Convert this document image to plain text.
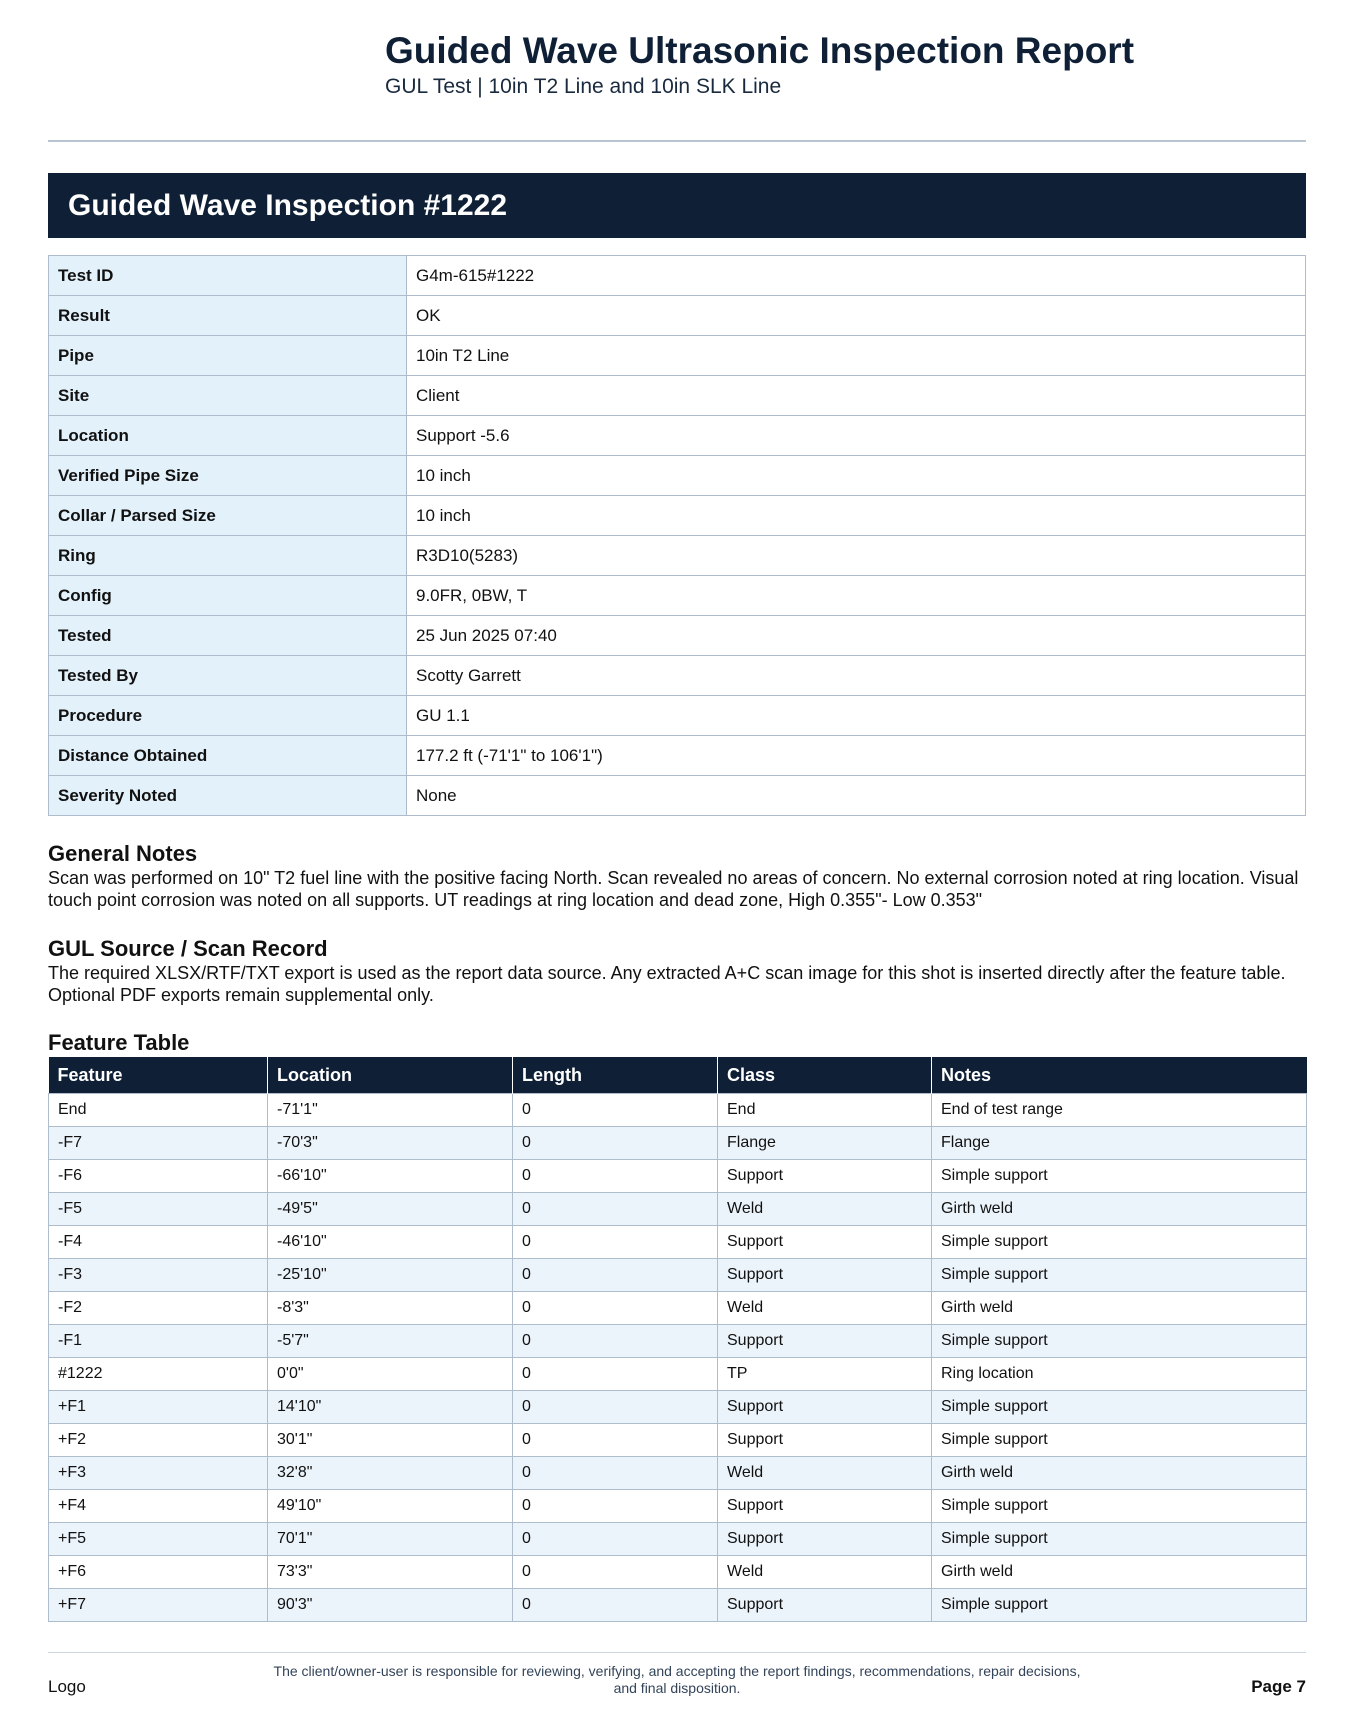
Guided Wave Ultrasonic Inspection Report

GUL Test | 10in T2 Line and 10in SLK Line

Guided Wave Inspection #1222
Test ID	G4m-615#1222
Result	OK
Pipe	10in T2 Line
Site	Client
Location	Support -5.6
Verified Pipe Size	10 inch
Collar / Parsed Size	10 inch
Ring	R3D10(5283)
Config	9.0FR, 0BW, T
Tested	25 Jun 2025 07:40
Tested By	Scotty Garrett
Procedure	GU 1.1
Distance Obtained	177.2 ft (-71'1" to 106'1")
Severity Noted	None
General Notes

Scan was performed on 10" T2 fuel line with the positive facing North. Scan revealed no areas of concern. No external corrosion noted at ring location. Visual touch point corrosion was noted on all supports. UT readings at ring location and dead zone, High 0.355"- Low 0.353"

GUL Source / Scan Record

The required XLSX/RTF/TXT export is used as the report data source. Any extracted A+C scan image for this shot is inserted directly after the feature table. Optional PDF exports remain supplemental only.

Feature Table
Feature	Location	Length	Class	Notes
End	-71'1"	0	End	End of test range
-F7	-70'3"	0	Flange	Flange
-F6	-66'10"	0	Support	Simple support
-F5	-49'5"	0	Weld	Girth weld
-F4	-46'10"	0	Support	Simple support
-F3	-25'10"	0	Support	Simple support
-F2	-8'3"	0	Weld	Girth weld
-F1	-5'7"	0	Support	Simple support
#1222	0'0"	0	TP	Ring location
+F1	14'10"	0	Support	Simple support
+F2	30'1"	0	Support	Simple support
+F3	32'8"	0	Weld	Girth weld
+F4	49'10"	0	Support	Simple support
+F5	70'1"	0	Support	Simple support
+F6	73'3"	0	Weld	Girth weld
+F7	90'3"	0	Support	Simple support
Logo
The client/owner-user is responsible for reviewing, verifying, and accepting the report findings, recommendations, repair decisions,
and final disposition.	Page 7
